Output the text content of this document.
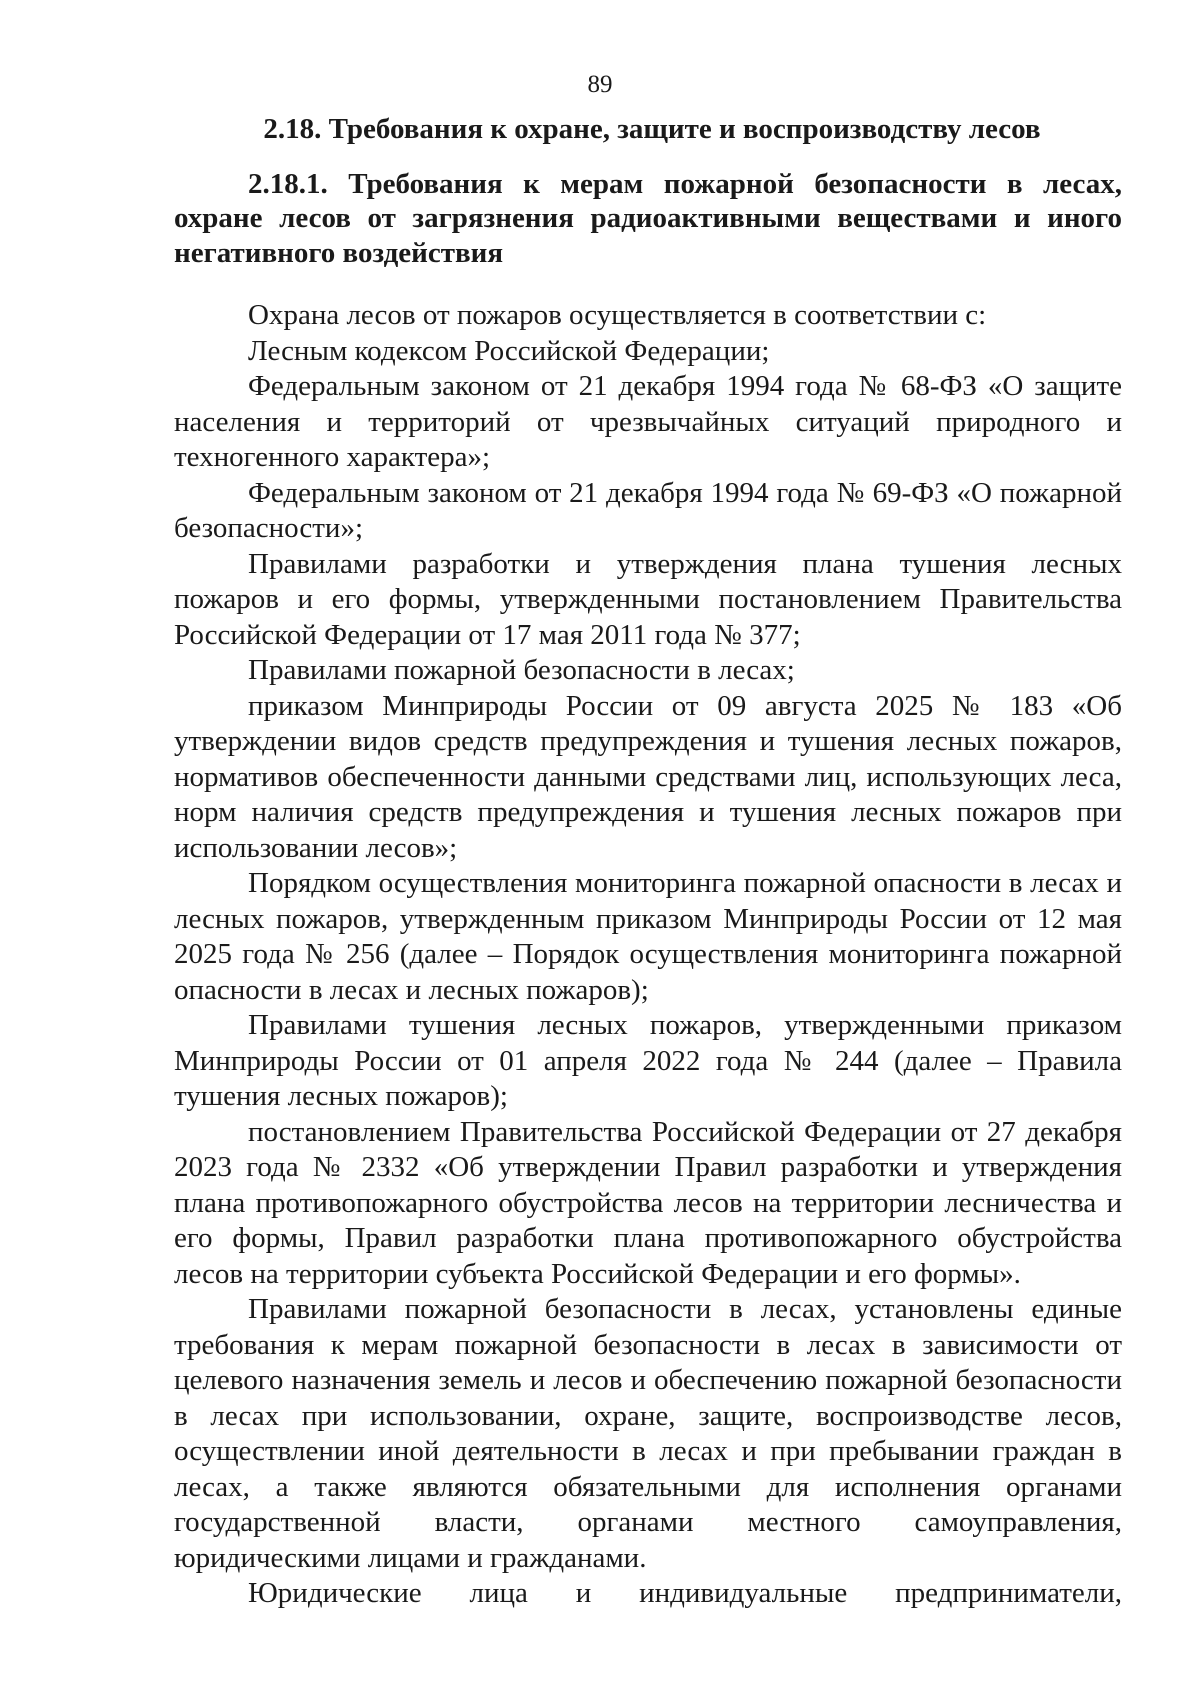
89

2.18. Требования к охране, защите и воспроизводству лесов

2.18.1. Требования к мерам пожарной безопасности в лесах, охране лесов от загрязнения радиоактивными веществами и иного негативного воздействия

Охрана лесов от пожаров осуществляется в соответствии с:

Лесным кодексом Российской Федерации;

Федеральным законом от 21 декабря 1994 года № 68-ФЗ «О защите населения и территорий от чрезвычайных ситуаций природного и техногенного характера»;

Федеральным законом от 21 декабря 1994 года № 69-ФЗ «О пожарной безопасности»;

Правилами разработки и утверждения плана тушения лесных пожаров и его формы, утвержденными постановлением Правительства Российской Федерации от 17 мая 2011 года № 377;

Правилами пожарной безопасности в лесах;

приказом Минприроды России от 09 августа 2025 № 183 «Об утверждении видов средств предупреждения и тушения лесных пожаров, нормативов обеспеченности данными средствами лиц, использующих леса, норм наличия средств предупреждения и тушения лесных пожаров при использовании лесов»;

Порядком осуществления мониторинга пожарной опасности в лесах и лесных пожаров, утвержденным приказом Минприроды России от 12 мая 2025 года № 256 (далее – Порядок осуществления мониторинга пожарной опасности в лесах и лесных пожаров);

Правилами тушения лесных пожаров, утвержденными приказом Минприроды России от 01 апреля 2022 года № 244 (далее – Правила тушения лесных пожаров);

постановлением Правительства Российской Федерации от 27 декабря 2023 года № 2332 «Об утверждении Правил разработки и утверждения плана противопожарного обустройства лесов на территории лесничества и его формы, Правил разработки плана противопожарного обустройства лесов на территории субъекта Российской Федерации и его формы».

Правилами пожарной безопасности в лесах, установлены единые требования к мерам пожарной безопасности в лесах в зависимости от целевого назначения земель и лесов и обеспечению пожарной безопасности в лесах при использовании, охране, защите, воспроизводстве лесов, осуществлении иной деятельности в лесах и при пребывании граждан в лесах, а также являются обязательными для исполнения органами государственной власти, органами местного самоуправления, юридическими лицами и гражданами.

Юридические лица и индивидуальные предприниматели,
